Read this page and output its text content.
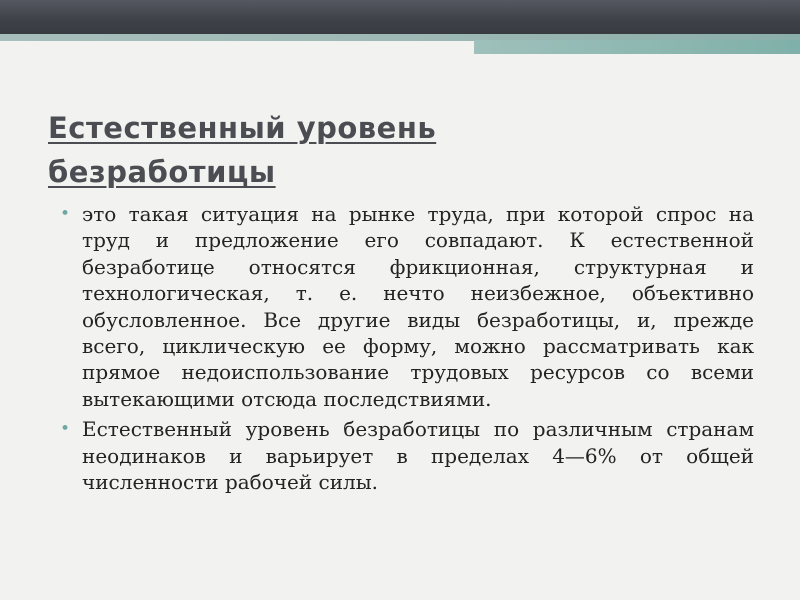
Естественный уровень
безработицы
• это такая ситуация на рынке труда, при которой спрос на труд и предложение его совпадают. К естественной безработице относятся фрикционная, структурная и технологическая, т. е. нечто неизбежное, объективно обусловленное. Все другие виды безработицы, и, прежде всего, циклическую ее форму, можно рассматривать как прямое недоиспользование трудовых ресурсов со всеми вытекающими отсюда последствиями.
• Естественный уровень безработицы по различным странам неодинаков и варьирует в пределах 4—6% от общей численности рабочей силы.
